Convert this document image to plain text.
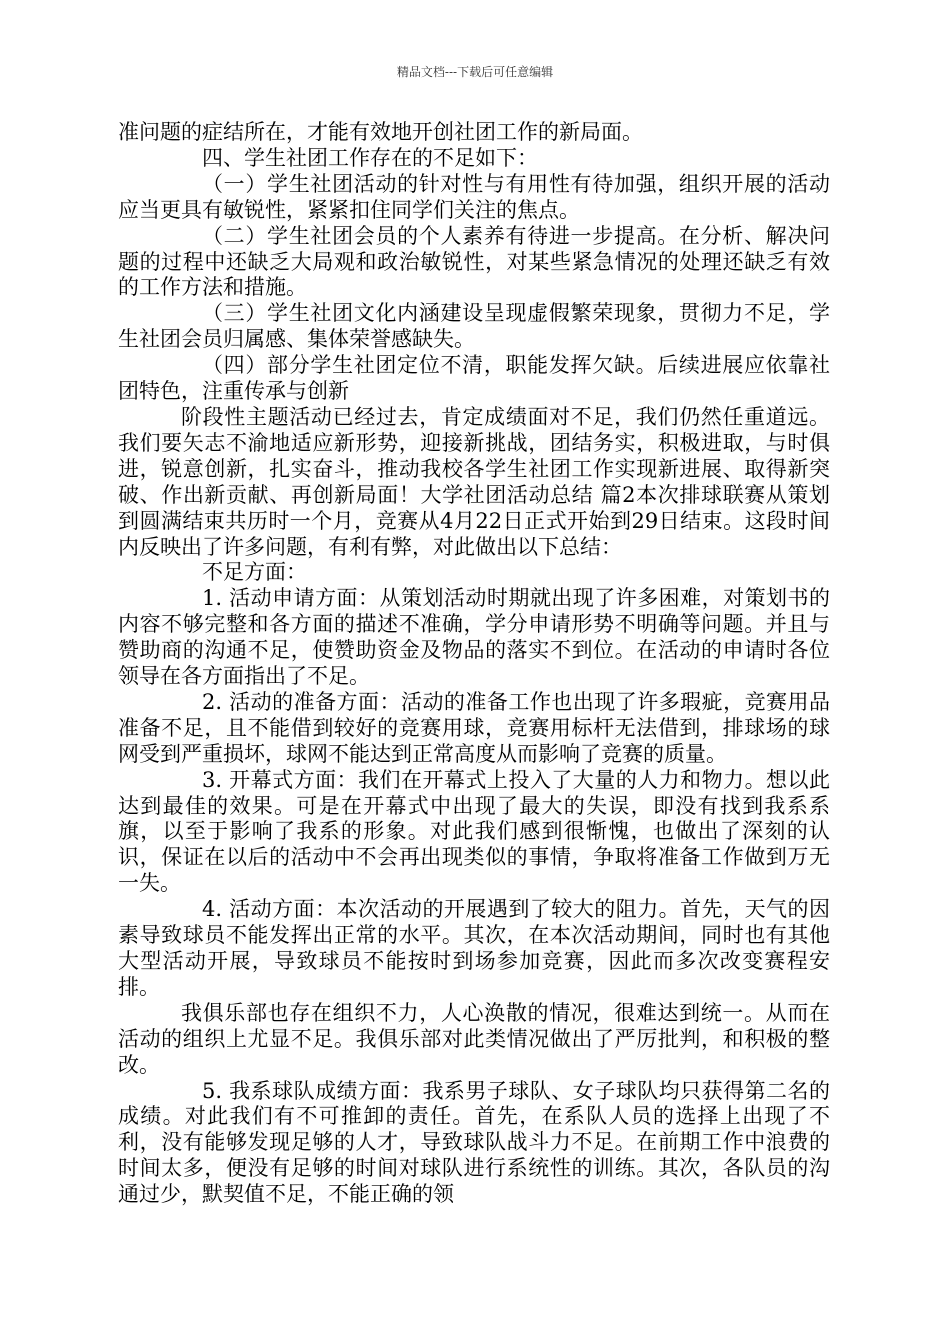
精品文档---下载后可任意编辑

准问题的症结所在，才能有效地开创社团工作的新局面。

四、学生社团工作存在的不足如下：

（一）学生社团活动的针对性与有用性有待加强，组织开展的活动应当更具有敏锐性，紧紧扣住同学们关注的焦点。

（二）学生社团会员的个人素养有待进一步提高。在分析、解决问题的过程中还缺乏大局观和政治敏锐性，对某些紧急情况的处理还缺乏有效的工作方法和措施。

（三）学生社团文化内涵建设呈现虚假繁荣现象，贯彻力不足，学生社团会员归属感、集体荣誉感缺失。

（四）部分学生社团定位不清，职能发挥欠缺。后续进展应依靠社团特色，注重传承与创新

阶段性主题活动已经过去，肯定成绩面对不足，我们仍然任重道远。我们要矢志不渝地适应新形势，迎接新挑战，团结务实，积极进取，与时俱进，锐意创新，扎实奋斗，推动我校各学生社团工作实现新进展、取得新突破、作出新贡献、再创新局面！大学社团活动总结 篇2本次排球联赛从策划到圆满结束共历时一个月，竞赛从4月22日正式开始到29日结束。这段时间内反映出了许多问题，有利有弊，对此做出以下总结：

不足方面：

1. 活动申请方面：从策划活动时期就出现了许多困难，对策划书的内容不够完整和各方面的描述不准确，学分申请形势不明确等问题。并且与赞助商的沟通不足，使赞助资金及物品的落实不到位。在活动的申请时各位领导在各方面指出了不足。

2. 活动的准备方面：活动的准备工作也出现了许多瑕疵，竞赛用品准备不足，且不能借到较好的竞赛用球，竞赛用标杆无法借到，排球场的球网受到严重损坏，球网不能达到正常高度从而影响了竞赛的质量。

3. 开幕式方面：我们在开幕式上投入了大量的人力和物力。想以此达到最佳的效果。可是在开幕式中出现了最大的失误，即没有找到我系系旗，以至于影响了我系的形象。对此我们感到很惭愧，也做出了深刻的认识，保证在以后的活动中不会再出现类似的事情，争取将准备工作做到万无一失。

4. 活动方面：本次活动的开展遇到了较大的阻力。首先，天气的因素导致球员不能发挥出正常的水平。其次，在本次活动期间，同时也有其他大型活动开展，导致球员不能按时到场参加竞赛，因此而多次改变赛程安排。

我俱乐部也存在组织不力，人心涣散的情况，很难达到统一。从而在活动的组织上尤显不足。我俱乐部对此类情况做出了严厉批判，和积极的整改。

5. 我系球队成绩方面：我系男子球队、女子球队均只获得第二名的成绩。对此我们有不可推卸的责任。首先，在系队人员的选择上出现了不利，没有能够发现足够的人才，导致球队战斗力不足。在前期工作中浪费的时间太多，便没有足够的时间对球队进行系统性的训练。其次，各队员的沟通过少，默契值不足，不能正确的领
